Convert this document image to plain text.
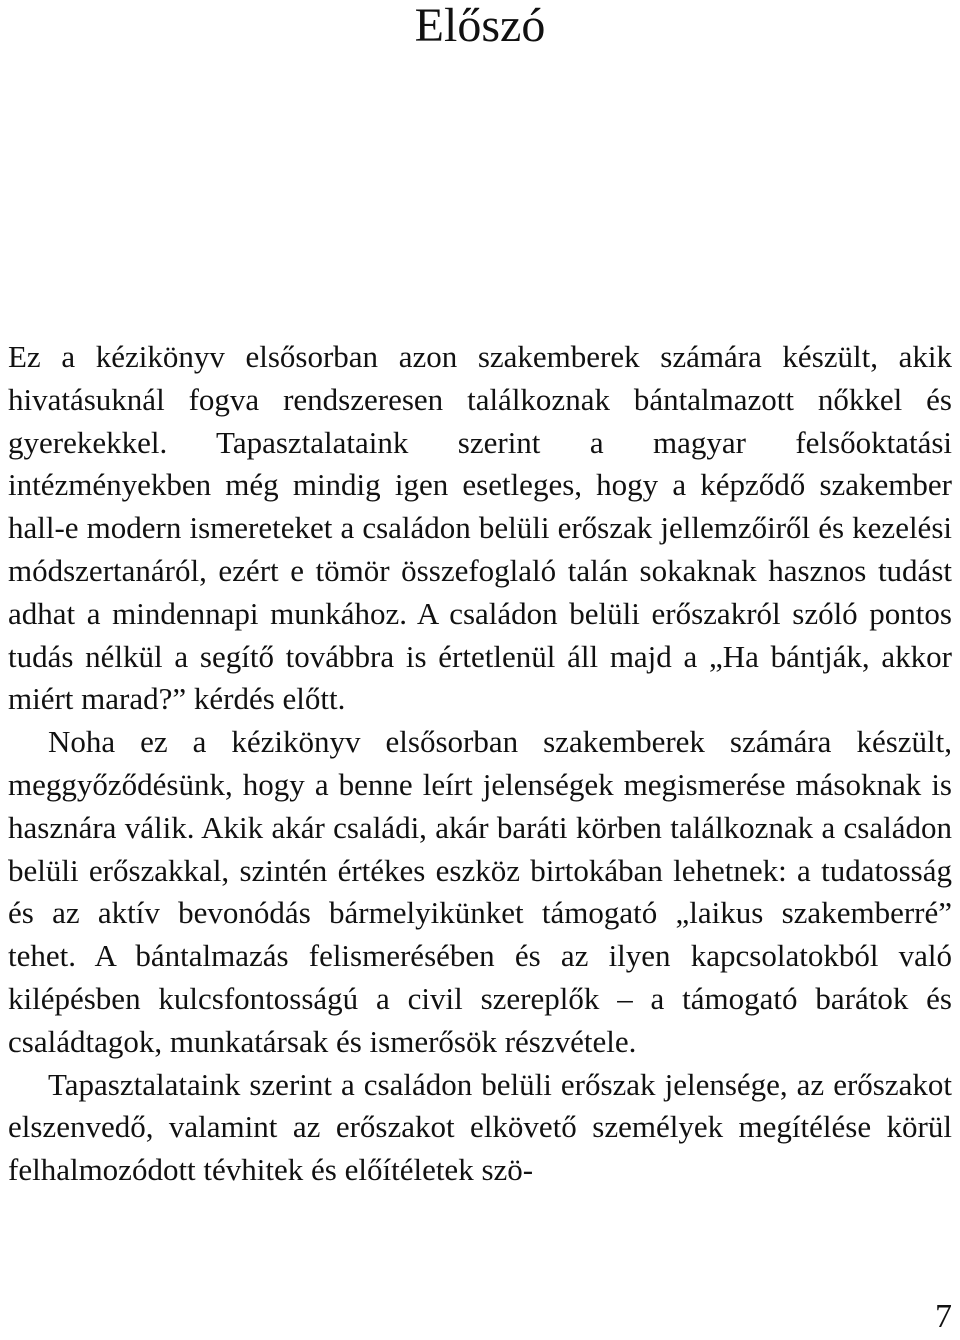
Előszó

Ez a kézikönyv elsősorban azon szakemberek számára készült, akik hivatásuknál fogva rendszeresen találkoznak bántalmazott nőkkel és gyerekekkel. Tapasztalataink szerint a magyar felsőoktatási intézményekben még mindig igen esetleges, hogy a képződő szakember hall-e modern ismereteket a családon belüli erőszak jellemzőiről és kezelési módszertanáról, ezért e tömör összefoglaló talán sokaknak hasznos tudást adhat a mindennapi munkához. A családon belüli erőszakról szóló pontos tudás nélkül a segítő továbbra is értetlenül áll majd a „Ha bántják, akkor miért marad?” kérdés előtt.

Noha ez a kézikönyv elsősorban szakemberek számára készült, meggyőződésünk, hogy a benne leírt jelenségek megismerése másoknak is hasznára válik. Akik akár családi, akár baráti körben találkoznak a családon belüli erőszakkal, szintén értékes eszköz birtokában lehetnek: a tudatosság és az aktív bevonódás bármelyikünket támogató „laikus szakemberré” tehet. A bántalmazás felismerésében és az ilyen kapcsolatokból való kilépésben kulcsfontosságú a civil szereplők – a támogató barátok és családtagok, munkatársak és ismerősök részvétele.

Tapasztalataink szerint a családon belüli erőszak jelensége, az erőszakot elszenvedő, valamint az erőszakot elkövető személyek megítélése körül felhalmozódott tévhitek és előítéletek szö-

7
